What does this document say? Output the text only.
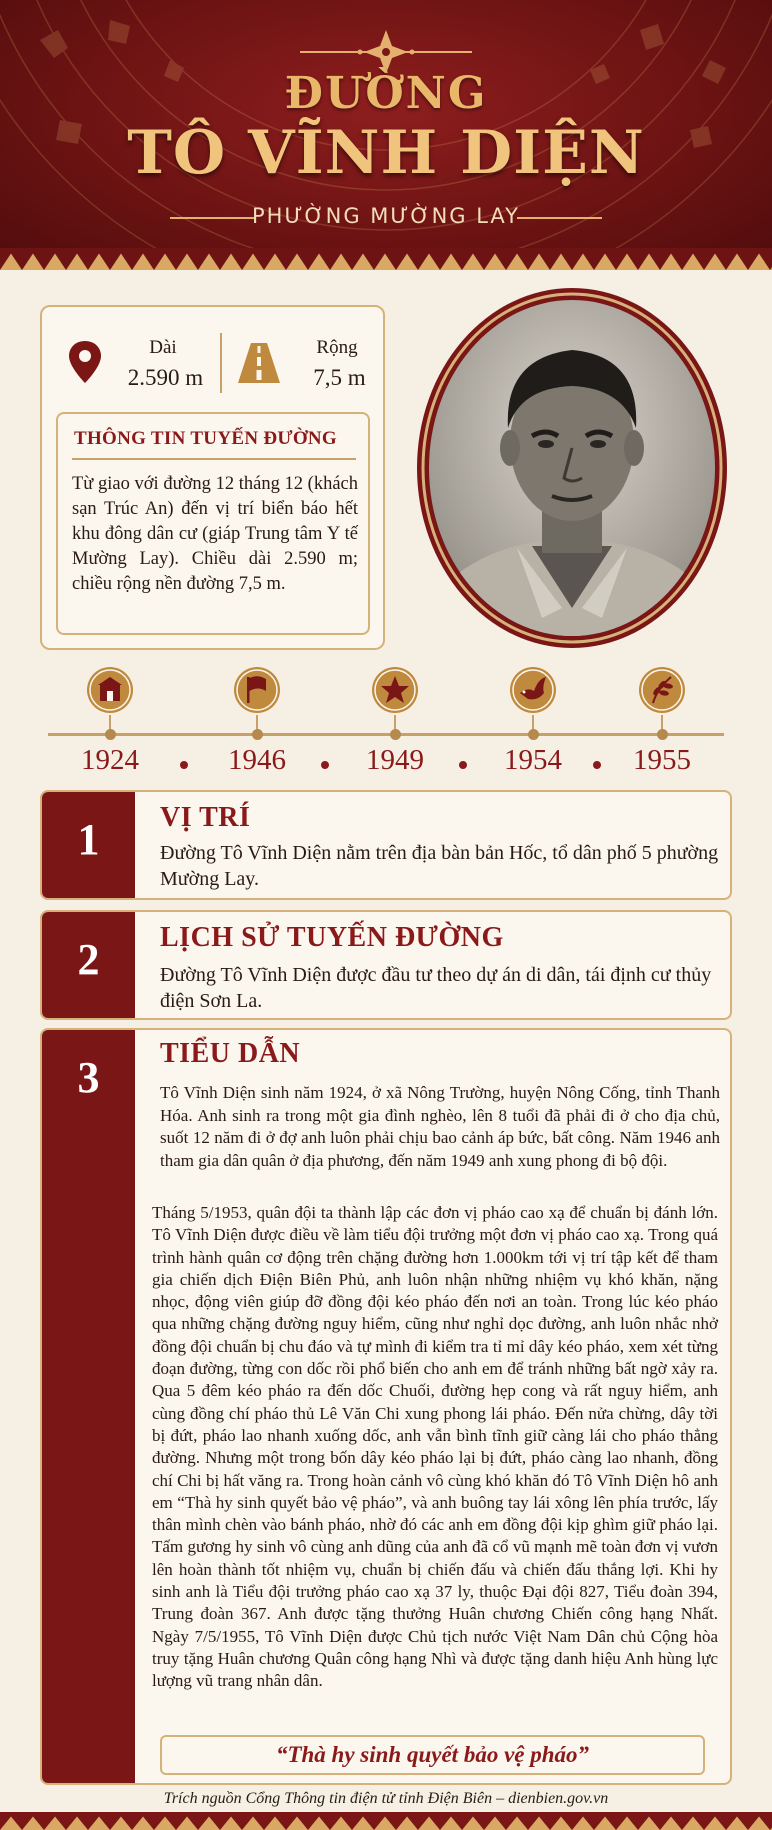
ĐƯỜNG
TÔ VĨNH DIỆN
PHƯỜNG MƯỜNG LAY
Dài
2.590 m
Rộng
7,5 m
THÔNG TIN TUYẾN ĐƯỜNG
Từ giao với đường 12 tháng 12 (khách sạn Trúc An) đến vị trí biển báo hết khu đông dân cư (giáp Trung tâm Y tế Mường Lay). Chiều dài 2.590 m; chiều rộng nền đường 7,5 m.
1924	1946	1949	1954	1955
1	VỊ TRÍ
Đường Tô Vĩnh Diện nằm trên địa bàn bản Hốc, tổ dân phố 5 phường Mường Lay.
2	LỊCH SỬ TUYẾN ĐƯỜNG
Đường Tô Vĩnh Diện được đầu tư theo dự án di dân, tái định cư thủy điện Sơn La.
3	TIỂU DẪN
Tô Vĩnh Diện sinh năm 1924, ở xã Nông Trường, huyện Nông Cống, tỉnh Thanh Hóa. Anh sinh ra trong một gia đình nghèo, lên 8 tuổi đã phải đi ở cho địa chủ, suốt 12 năm đi ở đợ anh luôn phải chịu bao cảnh áp bức, bất công. Năm 1946 anh tham gia dân quân ở địa phương, đến năm 1949 anh xung phong đi bộ đội.
Tháng 5/1953, quân đội ta thành lập các đơn vị pháo cao xạ để chuẩn bị đánh lớn. Tô Vĩnh Diện được điều về làm tiểu đội trưởng một đơn vị pháo cao xạ. Trong quá trình hành quân cơ động trên chặng đường hơn 1.000km tới vị trí tập kết để tham gia chiến dịch Điện Biên Phủ, anh luôn nhận những nhiệm vụ khó khăn, nặng nhọc, động viên giúp đỡ đồng đội kéo pháo đến nơi an toàn. Trong lúc kéo pháo qua những chặng đường nguy hiểm, cũng như nghỉ dọc đường, anh luôn nhắc nhở đồng đội chuẩn bị chu đáo và tự mình đi kiểm tra tỉ mỉ dây kéo pháo, xem xét từng đoạn đường, từng con dốc rồi phổ biến cho anh em để tránh những bất ngờ xảy ra. Qua 5 đêm kéo pháo ra đến dốc Chuối, đường hẹp cong và rất nguy hiểm, anh cùng đồng chí pháo thủ Lê Văn Chi xung phong lái pháo. Đến nửa chừng, dây tời bị đứt, pháo lao nhanh xuống dốc, anh vẫn bình tĩnh giữ càng lái cho pháo thẳng đường. Nhưng một trong bốn dây kéo pháo lại bị đứt, pháo càng lao nhanh, đồng chí Chi bị hất văng ra. Trong hoàn cảnh vô cùng khó khăn đó Tô Vĩnh Diện hô anh em “Thà hy sinh quyết bảo vệ pháo”, và anh buông tay lái xông lên phía trước, lấy thân mình chèn vào bánh pháo, nhờ đó các anh em đồng đội kịp ghìm giữ pháo lại. Tấm gương hy sinh vô cùng anh dũng của anh đã cổ vũ mạnh mẽ toàn đơn vị vươn lên hoàn thành tốt nhiệm vụ, chuẩn bị chiến đấu và chiến đấu thắng lợi. Khi hy sinh anh là Tiểu đội trưởng pháo cao xạ 37 ly, thuộc Đại đội 827, Tiểu đoàn 394, Trung đoàn 367. Anh được tặng thưởng Huân chương Chiến công hạng Nhất. Ngày 7/5/1955, Tô Vĩnh Diện được Chủ tịch nước Việt Nam Dân chủ Cộng hòa truy tặng Huân chương Quân công hạng Nhì và được tặng danh hiệu Anh hùng lực lượng vũ trang nhân dân.
“Thà hy sinh quyết bảo vệ pháo”
Trích nguồn Cổng Thông tin điện tử tỉnh Điện Biên – dienbien.gov.vn
